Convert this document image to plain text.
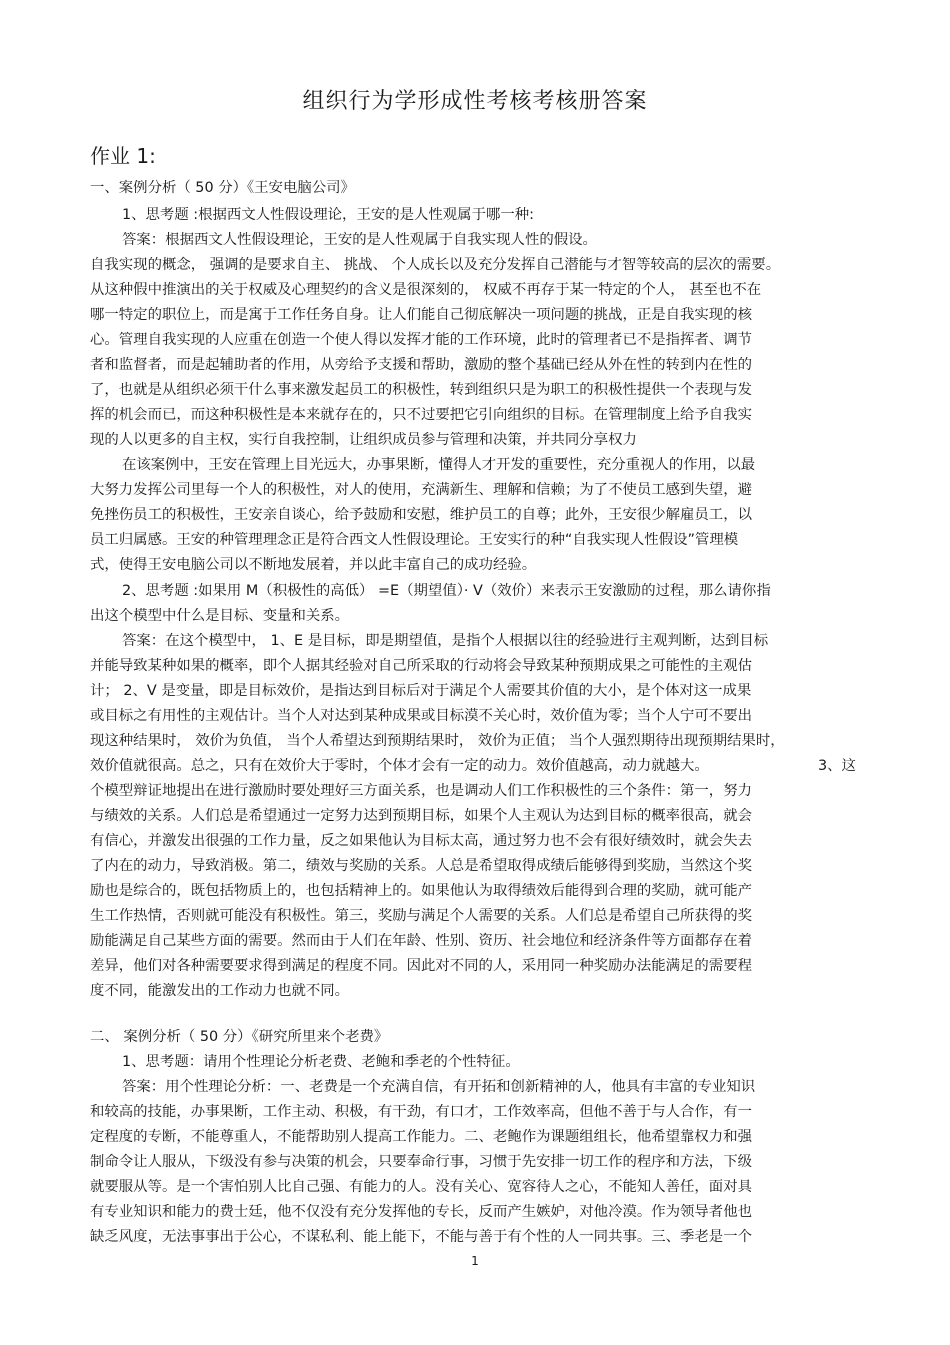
组织行为学形成性考核考核册答案
作业 1:
一、案例分析（ 50 分）《王安电脑公司》
1、思考题 :根据西文人性假设理论，王安的是人性观属于哪一种:
答案：根据西文人性假设理论，王安的是人性观属于自我实现人性的假设。
自我实现的概念， 强调的是要求自主、 挑战、 个人成长以及充分发挥自己潜能与才智等较高的层次的需要。
从这种假中推演出的关于权威及心理契约的含义是很深刻的， 权威不再存于某一特定的个人， 甚至也不在
哪一特定的职位上，而是寓于工作任务自身。让人们能自己彻底解决一项问题的挑战，正是自我实现的核
心。管理自我实现的人应重在创造一个使人得以发挥才能的工作环境，此时的管理者已不是指挥者、调节
者和监督者，而是起辅助者的作用，从旁给予支援和帮助，激励的整个基础已经从外在性的转到内在性的
了，也就是从组织必须干什么事来激发起员工的积极性，转到组织只是为职工的积极性提供一个表现与发
挥的机会而已，而这种积极性是本来就存在的，只不过要把它引向组织的目标。在管理制度上给予自我实
现的人以更多的自主权，实行自我控制，让组织成员参与管理和决策，并共同分享权力
在该案例中，王安在管理上目光远大，办事果断，懂得人才开发的重要性，充分重视人的作用，以最
大努力发挥公司里每一个人的积极性，对人的使用，充满新生、理解和信赖；为了不使员工感到失望，避
免挫伤员工的积极性，王安亲自谈心，给予鼓励和安慰，维护员工的自尊；此外，王安很少解雇员工，以
员工归属感。王安的种管理理念正是符合西文人性假设理论。王安实行的种“自我实现人性假设”管理模
式，使得王安电脑公司以不断地发展着，并以此丰富自己的成功经验。
2、思考题 :如果用 M（积极性的高低） =E（期望值）· V（效价）来表示王安激励的过程，那么请你指
出这个模型中什么是目标、变量和关系。
答案：在这个模型中， 1、E 是目标，即是期望值，是指个人根据以往的经验进行主观判断，达到目标
并能导致某种如果的概率，即个人据其经验对自己所采取的行动将会导致某种预期成果之可能性的主观估
计； 2、V 是变量，即是目标效价，是指达到目标后对于满足个人需要其价值的大小，是个体对这一成果
或目标之有用性的主观估计。当个人对达到某种成果或目标漠不关心时，效价值为零；当个人宁可不要出
现这种结果时， 效价为负值， 当个人希望达到预期结果时， 效价为正值； 当个人强烈期待出现预期结果时，
效价值就很高。总之，只有在效价大于零时，个体才会有一定的动力。效价值越高，动力就越大。	3、这
个模型辩证地提出在进行激励时要处理好三方面关系，也是调动人们工作积极性的三个条件：第一，努力
与绩效的关系。人们总是希望通过一定努力达到预期目标，如果个人主观认为达到目标的概率很高，就会
有信心，并激发出很强的工作力量，反之如果他认为目标太高，通过努力也不会有很好绩效时，就会失去
了内在的动力，导致消极。第二，绩效与奖励的关系。人总是希望取得成绩后能够得到奖励，当然这个奖
励也是综合的，既包括物质上的，也包括精神上的。如果他认为取得绩效后能得到合理的奖励，就可能产
生工作热情，否则就可能没有积极性。第三，奖励与满足个人需要的关系。人们总是希望自己所获得的奖
励能满足自己某些方面的需要。然而由于人们在年龄、性别、资历、社会地位和经济条件等方面都存在着
差异，他们对各种需要要求得到满足的程度不同。因此对不同的人，采用同一种奖励办法能满足的需要程
度不同，能激发出的工作动力也就不同。
二、 案例分析（ 50 分）《研究所里来个老费》
1、思考题：请用个性理论分析老费、老鲍和季老的个性特征。
答案：用个性理论分析：一、老费是一个充满自信，有开拓和创新精神的人，他具有丰富的专业知识
和较高的技能，办事果断，工作主动、积极，有干劲，有口才，工作效率高，但他不善于与人合作，有一
定程度的专断，不能尊重人，不能帮助别人提高工作能力。二、老鲍作为课题组组长，他希望靠权力和强
制命令让人服从，下级没有参与决策的机会，只要奉命行事，习惯于先安排一切工作的程序和方法，下级
就要服从等。是一个害怕别人比自己强、有能力的人。没有关心、宽容待人之心，不能知人善任，面对具
有专业知识和能力的费士廷，他不仅没有充分发挥他的专长，反而产生嫉妒，对他冷漠。作为领导者他也
缺乏风度，无法事事出于公心，不谋私利、能上能下，不能与善于有个性的人一同共事。三、季老是一个
1
